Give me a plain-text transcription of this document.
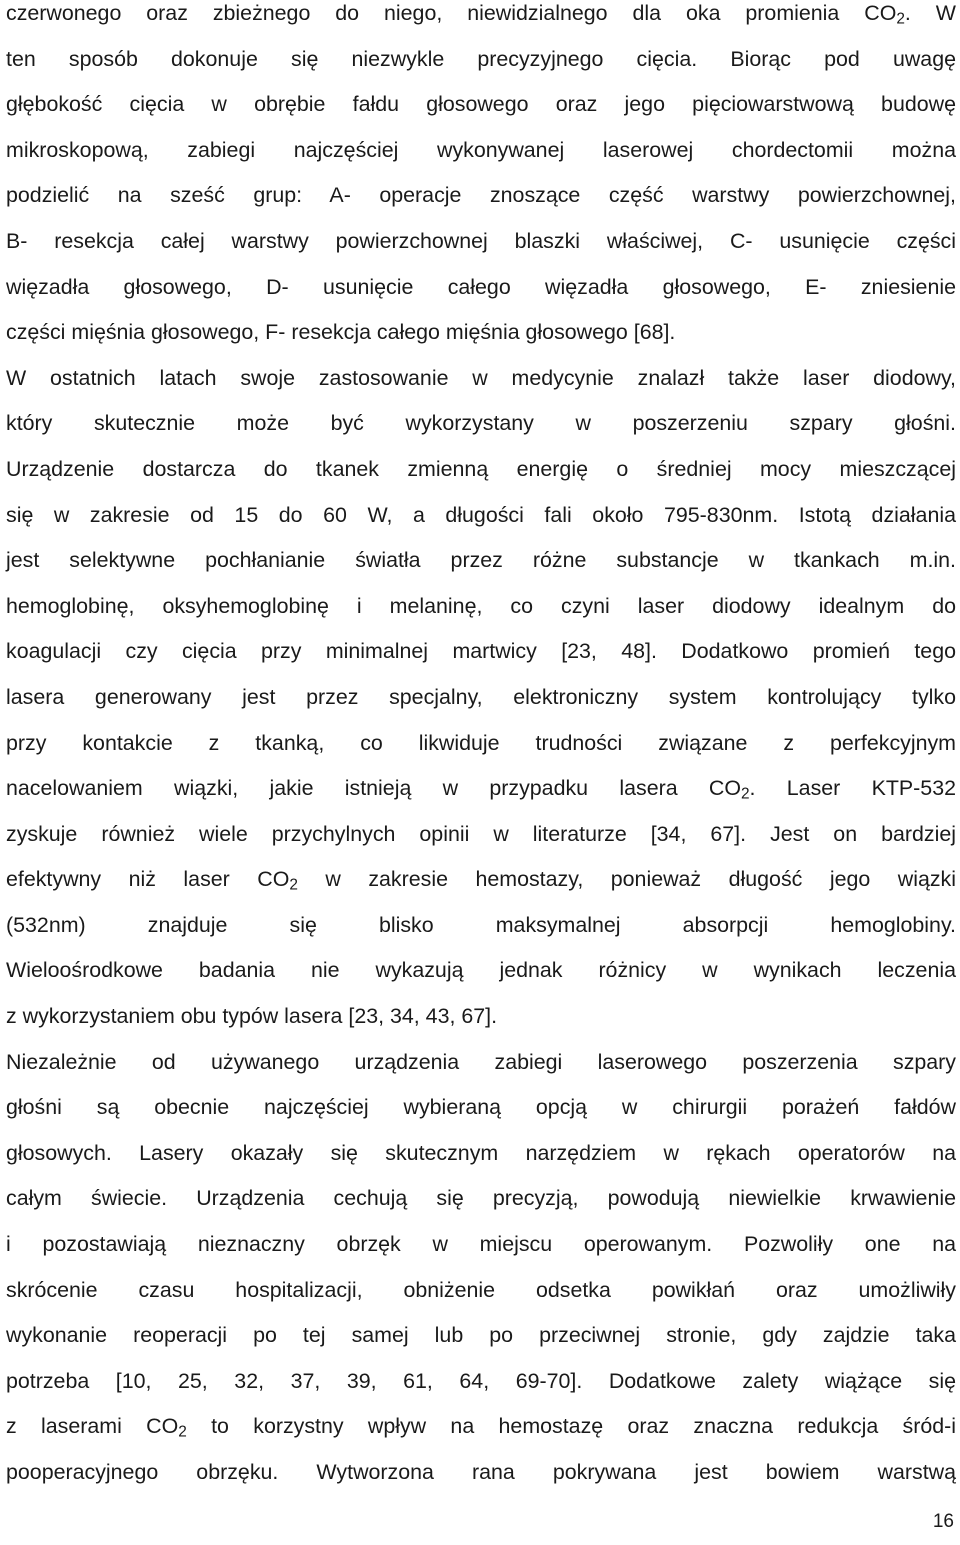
czerwonego oraz zbieżnego do niego, niewidzialnego dla oka promienia $CO_2$. W
ten sposób dokonuje się niezwykle precyzyjnego cięcia. Biorąc pod uwagę
głębokość cięcia w obrębie fałdu głosowego oraz jego pięciowarstwową budowę
mikroskopową, zabiegi najczęściej wykonywanej laserowej chordectomii można
podzielić na sześć grup: A- operacje znoszące część warstwy powierzchownej,
B- resekcja całej warstwy powierzchownej blaszki właściwej, C- usunięcie części
więzadła głosowego, D- usunięcie całego więzadła głosowego, E- zniesienie
części mięśnia głosowego, F- resekcja całego mięśnia głosowego [68].
W ostatnich latach swoje zastosowanie w medycynie znalazł także laser diodowy,
który skutecznie może być wykorzystany w poszerzeniu szpary głośni.
Urządzenie dostarcza do tkanek zmienną energię o średniej mocy mieszczącej
się w zakresie od 15 do 60 W, a długości fali około 795-830nm. Istotą działania
jest selektywne pochłanianie światła przez różne substancje w tkankach m.in.
hemoglobinę, oksyhemoglobinę i melaninę, co czyni laser diodowy idealnym do
koagulacji czy cięcia przy minimalnej martwicy [23, 48]. Dodatkowo promień tego
lasera generowany jest przez specjalny, elektroniczny system kontrolujący tylko
przy kontakcie z tkanką, co likwiduje trudności związane z perfekcyjnym
nacelowaniem wiązki, jakie istnieją w przypadku lasera $CO_2$. Laser KTP-532
zyskuje również wiele przychylnych opinii w literaturze [34, 67]. Jest on bardziej
efektywny niż laser $CO_2$ w zakresie hemostazy, ponieważ długość jego wiązki
(532nm) znajduje się blisko maksymalnej absorpcji hemoglobiny.
Wieloośrodkowe badania nie wykazują jednak różnicy w wynikach leczenia
z wykorzystaniem obu typów lasera [23, 34, 43, 67].
Niezależnie od używanego urządzenia zabiegi laserowego poszerzenia szpary
głośni są obecnie najczęściej wybieraną opcją w chirurgii porażeń fałdów
głosowych. Lasery okazały się skutecznym narzędziem w rękach operatorów na
całym świecie. Urządzenia cechują się precyzją, powodują niewielkie krwawienie
i pozostawiają nieznaczny obrzęk w miejscu operowanym. Pozwoliły one na
skrócenie czasu hospitalizacji, obniżenie odsetka powikłań oraz umożliwiły
wykonanie reoperacji po tej samej lub po przeciwnej stronie, gdy zajdzie taka
potrzeba [10, 25, 32, 37, 39, 61, 64, 69-70]. Dodatkowe zalety wiążące się
z laserami $CO_2$ to korzystny wpływ na hemostazę oraz znaczna redukcja śród-i
pooperacyjnego obrzęku. Wytworzona rana pokrywana jest bowiem warstwą
16
